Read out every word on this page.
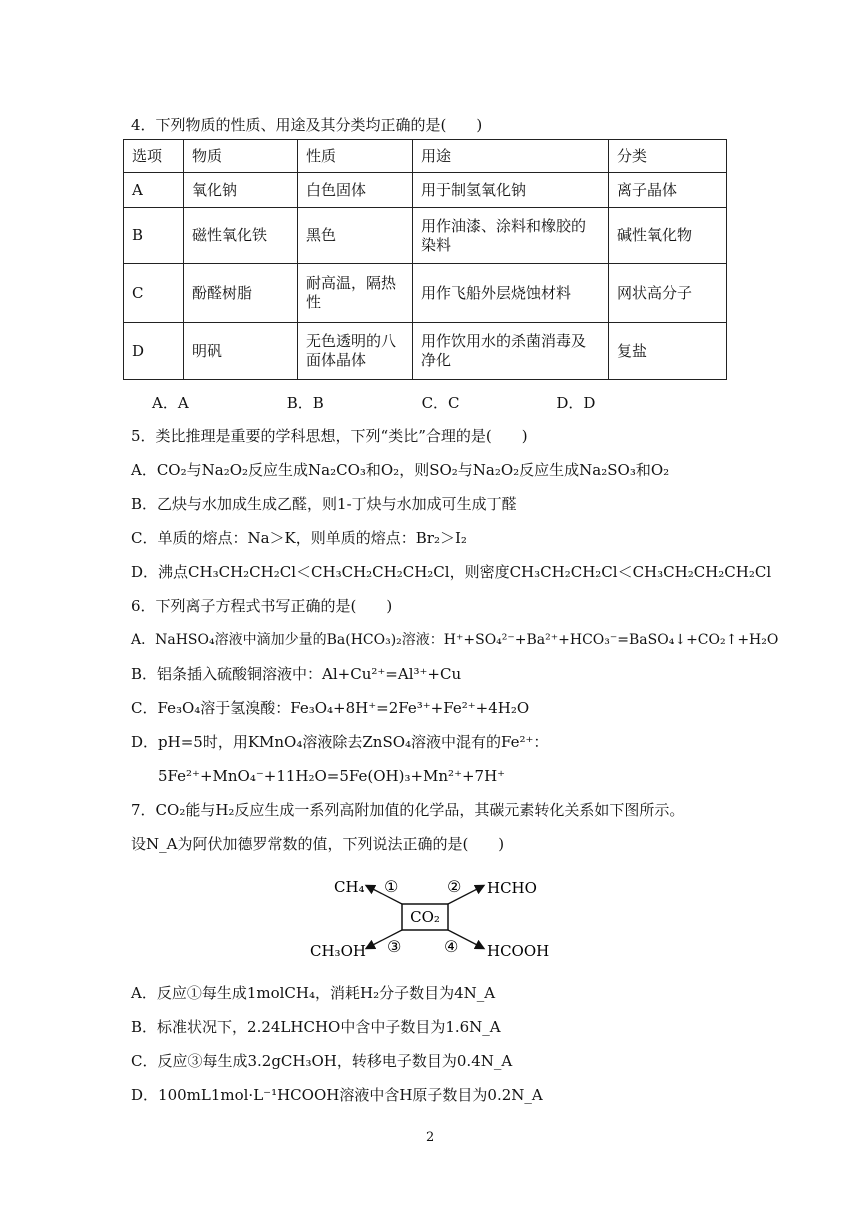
4．下列物质的性质、用途及其分类均正确的是(　　)
选项	物质	性质	用途	分类
A	氧化钠	白色固体	用于制氢氧化钠	离子晶体
B	磁性氧化铁	黑色	用作油漆、涂料和橡胶的染料	碱性氧化物
C	酚醛树脂	耐高温，隔热性	用作飞船外层烧蚀材料	网状高分子
D	明矾	无色透明的八面体晶体	用作饮用水的杀菌消毒及净化	复盐
A．A	B．B	C．C	D．D
5．类比推理是重要的学科思想，下列“类比”合理的是(　　)
A．CO₂与Na₂O₂反应生成Na₂CO₃和O₂，则SO₂与Na₂O₂反应生成Na₂SO₃和O₂
B．乙炔与水加成生成乙醛，则1-丁炔与水加成可生成丁醛
C．单质的熔点：Na＞K，则单质的熔点：Br₂＞I₂
D．沸点CH₃CH₂CH₂Cl＜CH₃CH₂CH₂CH₂Cl，则密度CH₃CH₂CH₂Cl＜CH₃CH₂CH₂CH₂Cl
6．下列离子方程式书写正确的是(　　)
A．NaHSO₄溶液中滴加少量的Ba(HCO₃)₂溶液：H⁺+SO₄²⁻+Ba²⁺+HCO₃⁻=BaSO₄↓+CO₂↑+H₂O
B．铝条插入硫酸铜溶液中：Al+Cu²⁺=Al³⁺+Cu
C．Fe₃O₄溶于氢溴酸：Fe₃O₄+8H⁺=2Fe³⁺+Fe²⁺+4H₂O
D．pH=5时，用KMnO₄溶液除去ZnSO₄溶液中混有的Fe²⁺：
5Fe²⁺+MnO₄⁻+11H₂O=5Fe(OH)₃+Mn²⁺+7H⁺
7．CO₂能与H₂反应生成一系列高附加值的化学品，其碳元素转化关系如下图所示。
设N_A为阿伏加德罗常数的值，下列说法正确的是(　　)
CO₂
CH₄	HCHO
CH₃OH	HCOOH
①	②
③	④
A．反应①每生成1molCH₄，消耗H₂分子数目为4N_A
B．标准状况下，2.24LHCHO中含中子数目为1.6N_A
C．反应③每生成3.2gCH₃OH，转移电子数目为0.4N_A
D．100mL1mol·L⁻¹HCOOH溶液中含H原子数目为0.2N_A
2
